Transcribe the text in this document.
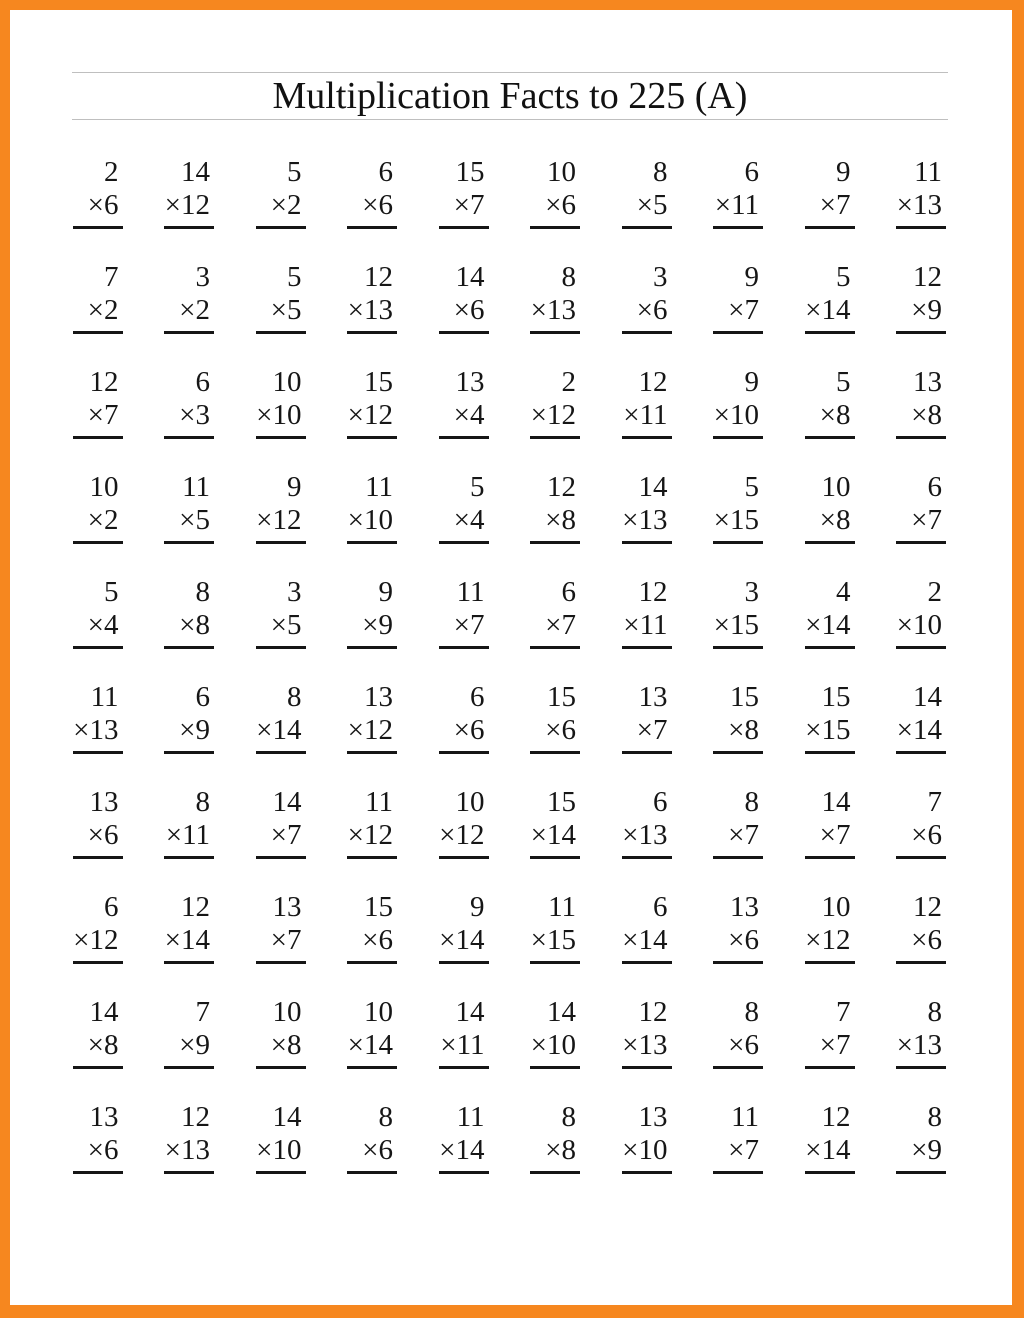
Multiplication Facts to 225 (A)
2
×6
14
×12
5
×2
6
×6
15
×7
10
×6
8
×5
6
×11
9
×7
11
×13
7
×2
3
×2
5
×5
12
×13
14
×6
8
×13
3
×6
9
×7
5
×14
12
×9
12
×7
6
×3
10
×10
15
×12
13
×4
2
×12
12
×11
9
×10
5
×8
13
×8
10
×2
11
×5
9
×12
11
×10
5
×4
12
×8
14
×13
5
×15
10
×8
6
×7
5
×4
8
×8
3
×5
9
×9
11
×7
6
×7
12
×11
3
×15
4
×14
2
×10
11
×13
6
×9
8
×14
13
×12
6
×6
15
×6
13
×7
15
×8
15
×15
14
×14
13
×6
8
×11
14
×7
11
×12
10
×12
15
×14
6
×13
8
×7
14
×7
7
×6
6
×12
12
×14
13
×7
15
×6
9
×14
11
×15
6
×14
13
×6
10
×12
12
×6
14
×8
7
×9
10
×8
10
×14
14
×11
14
×10
12
×13
8
×6
7
×7
8
×13
13
×6
12
×13
14
×10
8
×6
11
×14
8
×8
13
×10
11
×7
12
×14
8
×9
